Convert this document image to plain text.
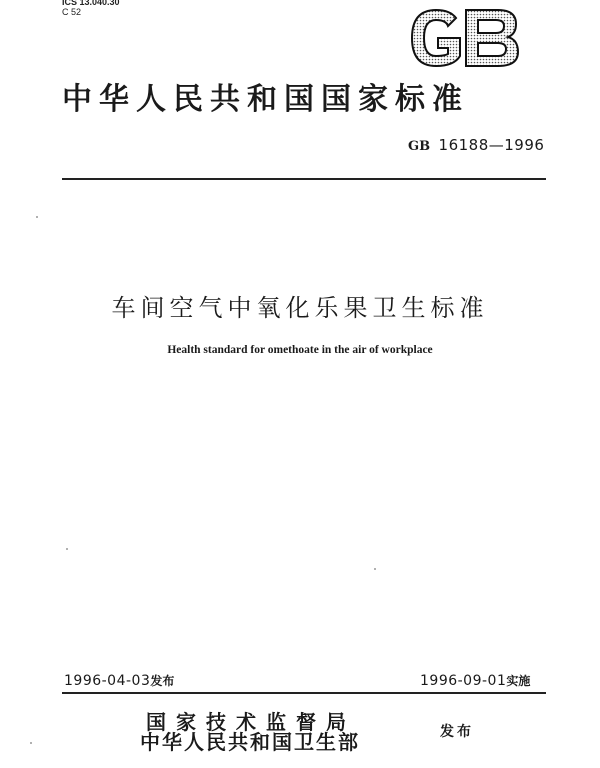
ICS 13.040.30
C 52
中华人民共和国国家标准
GB 16188—1996
车间空气中氧化乐果卫生标准
Health standard for omethoate in the air of workplace
1996-04-03发布	1996-09-01实施
国家技术监督局
中华人民共和国卫生部	发布
